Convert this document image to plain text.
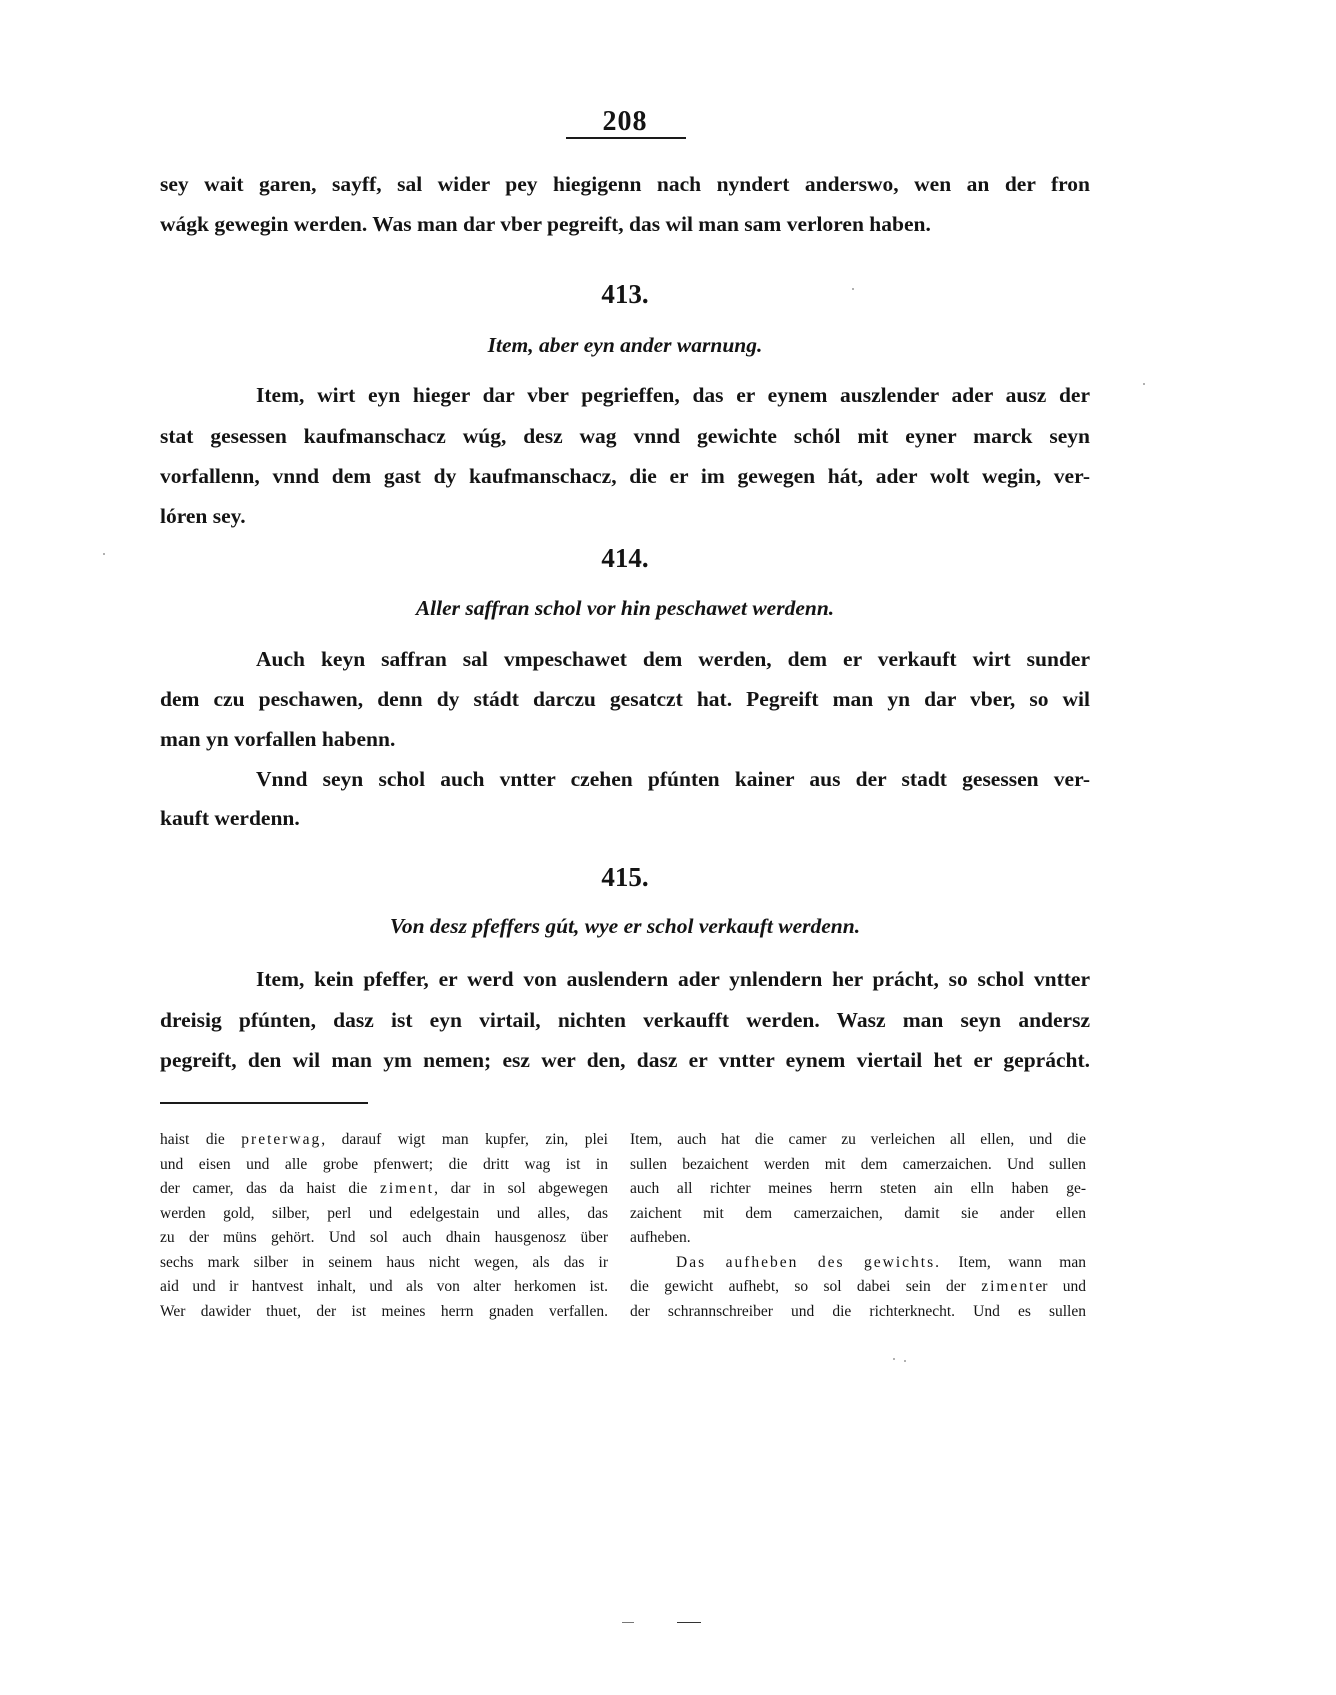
208
sey wait garen, sayff, sal wider pey hiegigenn nach nyndert anderswo, wen an der fron
wágk gewegin werden. Was man dar vber pegreift, das wil man sam verloren haben.
413.
Item, aber eyn ander warnung.
Item, wirt eyn hieger dar vber pegrieffen, das er eynem auszlender ader ausz der
stat gesessen kaufmanschacz wúg, desz wag vnnd gewichte schól mit eyner marck seyn
vorfallenn, vnnd dem gast dy kaufmanschacz, die er im gewegen hát, ader wolt wegin, ver-
lóren sey.
414.
Aller saffran schol vor hin peschawet werdenn.
Auch keyn saffran sal vmpeschawet dem werden, dem er verkauft wirt sunder
dem czu peschawen, denn dy stádt darczu gesatczt hat. Pegreift man yn dar vber, so wil
man yn vorfallen habenn.
Vnnd seyn schol auch vntter czehen pfúnten kainer aus der stadt gesessen ver-
kauft werdenn.
415.
Von desz pfeffers gút, wye er schol verkauft werdenn.
Item, kein pfeffer, er werd von auslendern ader ynlendern her prácht, so schol vntter
dreisig pfúnten, dasz ist eyn virtail, nichten verkaufft werden. Wasz man seyn andersz
pegreift, den wil man ym nemen; esz wer den, dasz er vntter eynem viertail het er geprácht.
haist die preterwag, darauf wigt man kupfer, zin, plei
und eisen und alle grobe pfenwert; die dritt wag ist in
der camer, das da haist die ziment, dar in sol abgewegen
werden gold, silber, perl und edelgestain und alles, das
zu der müns gehört. Und sol auch dhain hausgenosz über
sechs mark silber in seinem haus nicht wegen, als das ir
aid und ir hantvest inhalt, und als von alter herkomen ist.
Wer dawider thuet, der ist meines herrn gnaden verfallen.
Item, auch hat die camer zu verleichen all ellen, und die
sullen bezaichent werden mit dem camerzaichen. Und sullen
auch all richter meines herrn steten ain elln haben ge-
zaichent mit dem camerzaichen, damit sie ander ellen
aufheben.
Das aufheben des gewichts. Item, wann man
die gewicht aufhebt, so sol dabei sein der zimenter und
der schrannschreiber und die richterknecht. Und es sullen
